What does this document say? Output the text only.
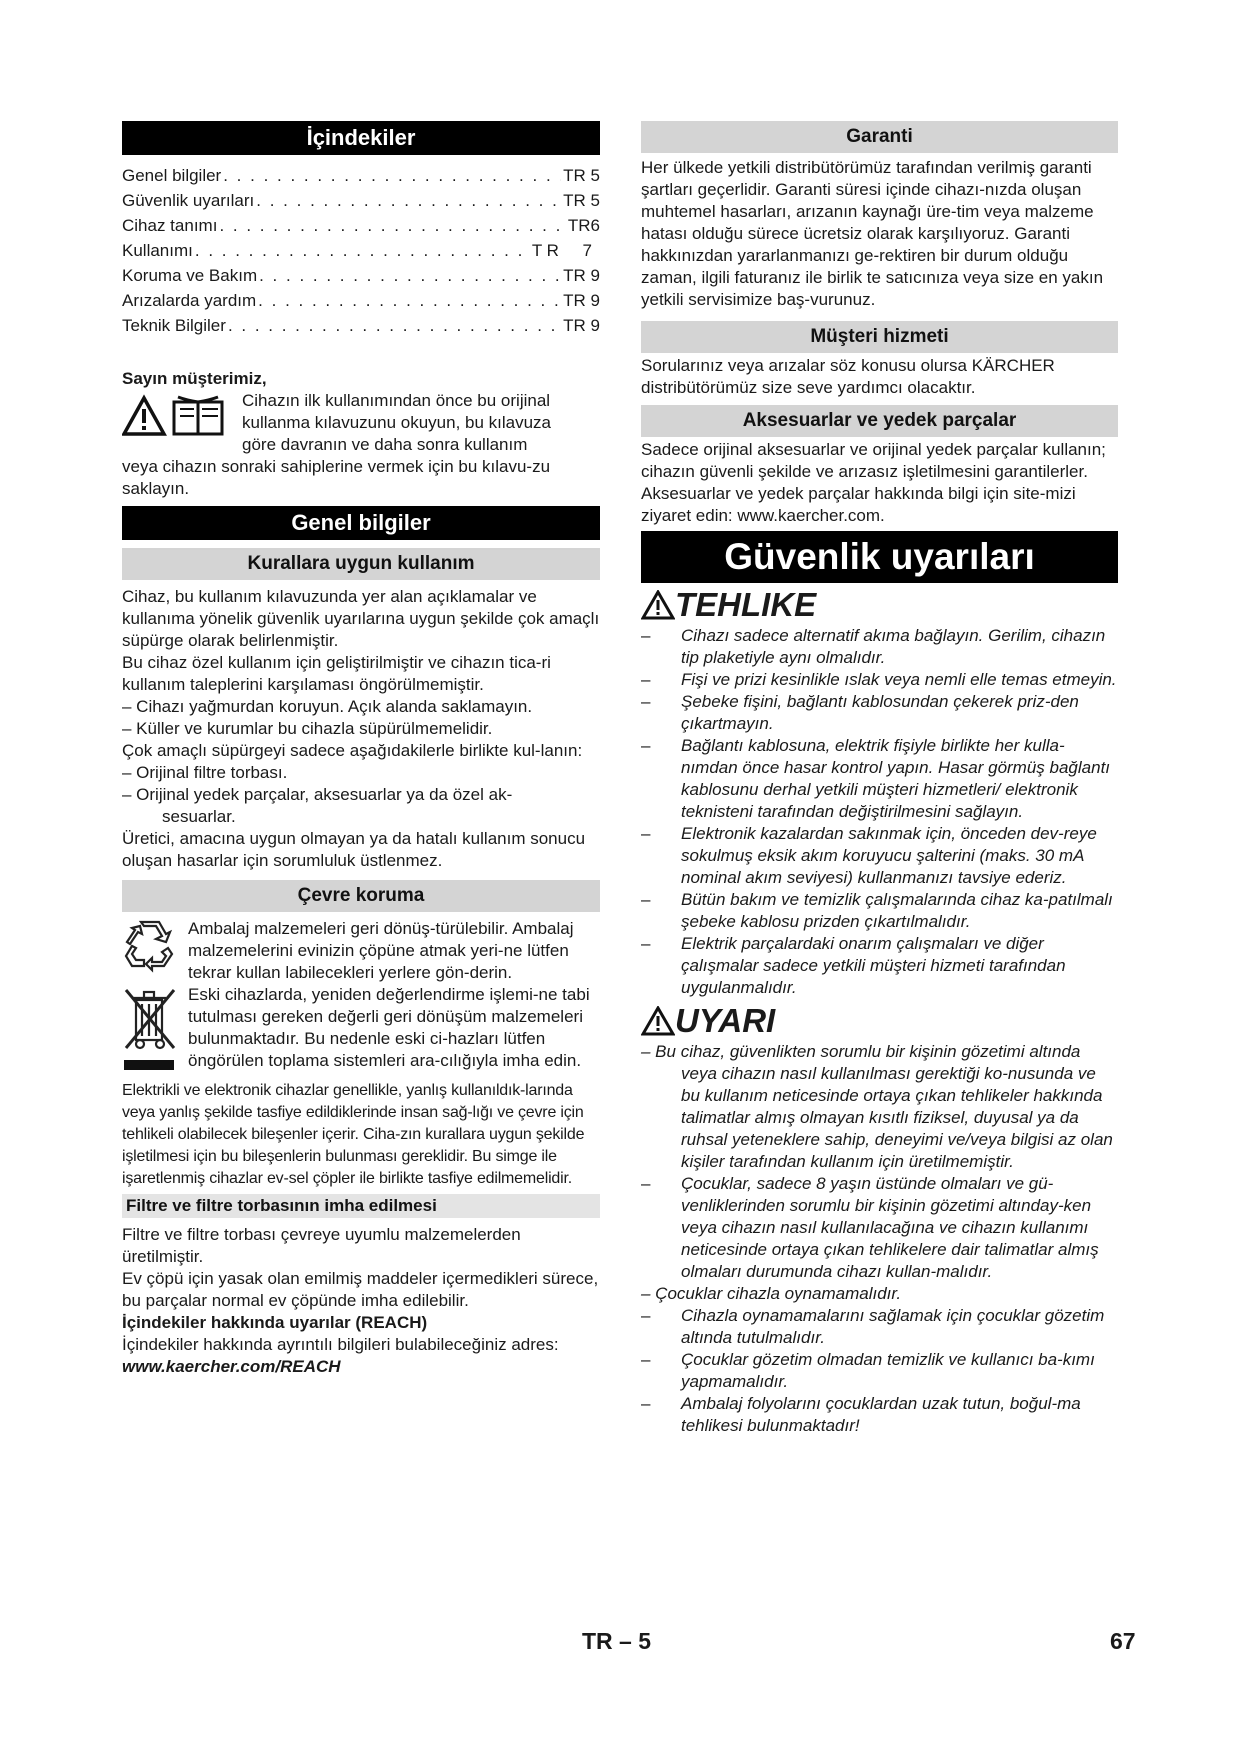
İçindekiler
Genel bilgiler . . .	TR 5
Güvenlik uyarıları . . .	TR 5
Cihaz tanımı . . .	TR6
Kullanımı . . .	T R     7
Koruma ve Bakım . . .	TR 9
Arızalarda yardım . . .	TR 9
Teknik Bilgiler . . .	TR 9

Sayın müşterimiz,

Cihazın ilk kullanımından önce bu orijinal

kullanma kılavuzunu okuyun, bu kılavuza

göre davranın ve daha sonra kullanım

veya cihazın sonraki sahiplerine vermek için bu kılavu-zu saklayın.

Genel bilgiler
Kurallara uygun kullanım

Cihaz, bu kullanım kılavuzunda yer alan açıklamalar ve kullanıma yönelik güvenlik uyarılarına uygun şekilde çok amaçlı süpürge olarak belirlenmiştir.

Bu cihaz özel kullanım için geliştirilmiştir ve cihazın tica-ri kullanım taleplerini karşılaması öngörülmemiştir.

– Cihazı yağmurdan koruyun. Açık alanda saklamayın.

– Küller ve kurumlar bu cihazla süpürülmemelidir.

Çok amaçlı süpürgeyi sadece aşağıdakilerle birlikte kul-lanın:

– Orijinal filtre torbası.

– Orijinal yedek parçalar, aksesuarlar ya da özel ak-

sesuarlar.

Üretici, amacına uygun olmayan ya da hatalı kullanım sonucu oluşan hasarlar için sorumluluk üstlenmez.

Çevre koruma

Ambalaj malzemeleri geri dönüş-türülebilir. Ambalaj malzemelerini evinizin çöpüne atmak yeri-ne lütfen tekrar kullan labilecekleri yerlere gön-derin.

Eski cihazlarda, yeniden değerlendirme işlemi-ne tabi tutulması gereken değerli geri dönüşüm malzemeleri bulunmaktadır. Bu nedenle eski ci-hazları lütfen öngörülen toplama sistemleri ara-cılığıyla imha edin.

Elektrikli ve elektronik cihazlar genellikle, yanlış kullanıldık-larında veya yanlış şekilde tasfiye edildiklerinde insan sağ-lığı ve çevre için tehlikeli olabilecek bileşenler içerir. Ciha-zın kurallara uygun şekilde işletilmesi için bu bileşenlerin bulunması gereklidir. Bu simge ile işaretlenmiş cihazlar ev-sel çöpler ile birlikte tasfiye edilmemelidir.

Filtre ve filtre torbasının imha edilmesi

Filtre ve filtre torbası çevreye uyumlu malzemelerden üretilmiştir.

Ev çöpü için yasak olan emilmiş maddeler içermedikleri sürece, bu parçalar normal ev çöpünde imha edilebilir.

İçindekiler hakkında uyarılar (REACH)

İçindekiler hakkında ayrıntılı bilgileri bulabileceğiniz adres:

www.kaercher.com/REACH

Garanti

Her ülkede yetkili distribütörümüz tarafından verilmiş garanti şartları geçerlidir. Garanti süresi içinde cihazı-nızda oluşan muhtemel hasarları, arızanın kaynağı üre-tim veya malzeme hatası olduğu sürece ücretsiz olarak karşılıyoruz. Garanti hakkınızdan yararlanmanızı ge-rektiren bir durum olduğu zaman, ilgili faturanız ile birlik te satıcınıza veya size en yakın yetkili servisimize baş-vurunuz.

Müşteri hizmeti

Sorularınız veya arızalar söz konusu olursa KÄRCHER distribütörümüz size seve yardımcı olacaktır.

Aksesuarlar ve yedek parçalar

Sadece orijinal aksesuarlar ve orijinal yedek parçalar kullanın; cihazın güvenli şekilde ve arızasız işletilmesini garantilerler.

Aksesuarlar ve yedek parçalar hakkında bilgi için site-mizi ziyaret edin: www.kaercher.com.

Güvenlik uyarıları
TEHLIKE
–	Cihazı sadece alternatif akıma bağlayın. Gerilim, cihazın tip plaketiyle aynı olmalıdır.
–	Fişi ve prizi kesinlikle ıslak veya nemli elle temas etmeyin.
–	Şebeke fişini, bağlantı kablosundan çekerek priz-den çıkartmayın.
–	Bağlantı kablosuna, elektrik fişiyle birlikte her kulla-nımdan önce hasar kontrol yapın. Hasar görmüş bağlantı kablosunu derhal yetkili müşteri hizmetleri/ elektronik teknisteni tarafından değiştirilmesini sağlayın.
–	Elektronik kazalardan sakınmak için, önceden dev-reye sokulmuş eksik akım koruyucu şalterini (maks. 30 mA nominal akım seviyesi) kullanmanızı tavsiye ederiz.
–	Bütün bakım ve temizlik çalışmalarında cihaz ka-patılmalı şebeke kablosu prizden çıkartılmalıdır.
–	Elektrik parçalardaki onarım çalışmaları ve diğer çalışmalar sadece yetkili müşteri hizmeti tarafından uygulanmalıdır.
UYARI
– Bu cihaz, güvenlikten sorumlu bir kişinin gözetimi altında veya cihazın nasıl kullanılması gerektiği ko-nusunda ve bu kullanım neticesinde ortaya çıkan tehlikeler hakkında talimatlar almış olmayan kısıtlı fiziksel, duyusal ya da ruhsal yeteneklere sahip, deneyimi ve/veya bilgisi az olan kişiler tarafından kullanım için üretilmemiştir.
–	Çocuklar, sadece 8 yaşın üstünde olmaları ve gü-venliklerinden sorumlu bir kişinin gözetimi altınday-ken veya cihazın nasıl kullanılacağına ve cihazın kullanımı neticesinde ortaya çıkan tehlikelere dair talimatlar almış olmaları durumunda cihazı kullan-malıdır.

– Çocuklar cihazla oynamamalıdır.

–	Cihazla oynamamalarını sağlamak için çocuklar gözetim altında tutulmalıdır.
–	Çocuklar gözetim olmadan temizlik ve kullanıcı ba-kımı yapmamalıdır.
–	Ambalaj folyolarını çocuklardan uzak tutun, boğul-ma tehlikesi bulunmaktadır!
TR – 5	67
